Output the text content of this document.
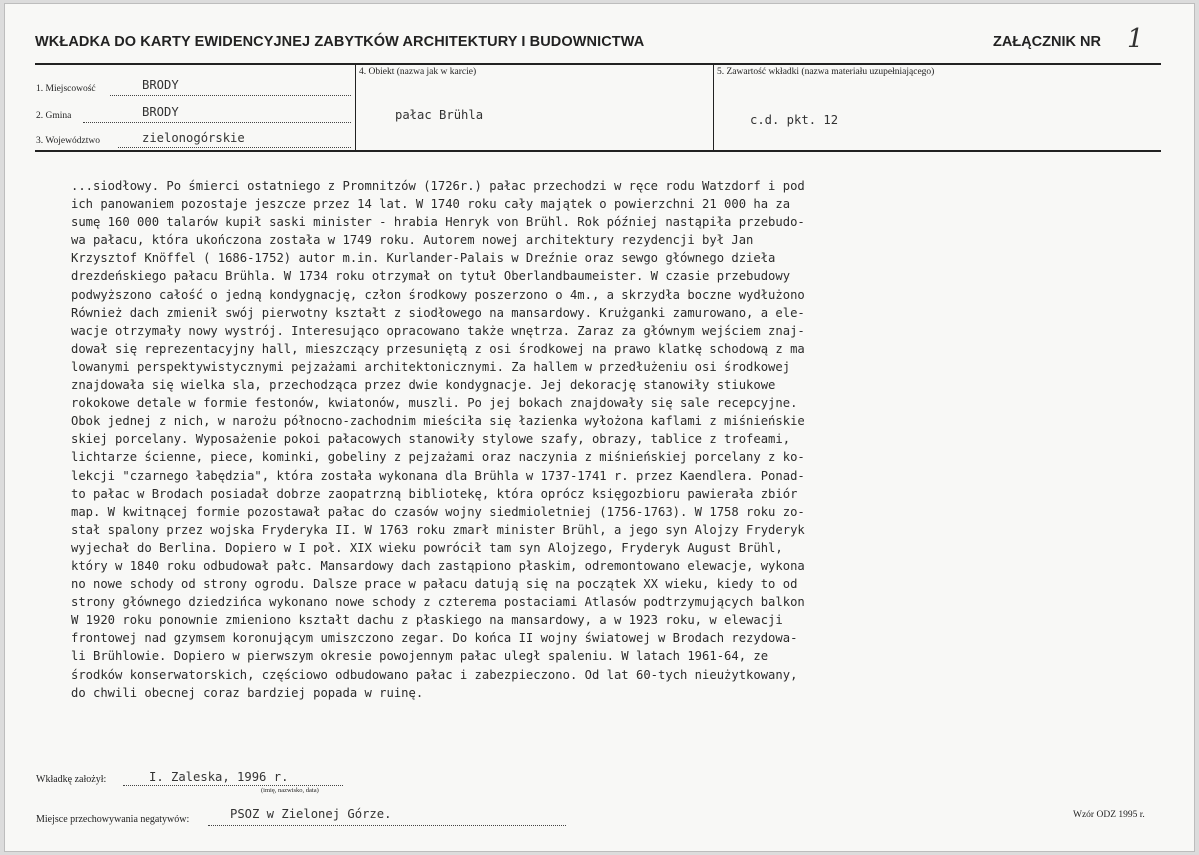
WKŁADKA DO KARTY EWIDENCYJNEJ ZABYTKÓW ARCHITEKTURY I BUDOWNICTWA	ZAŁĄCZNIK NR 1
1. Miejscowość	BRODY
2. Gmina	BRODY
3. Województwo	zielonogórskie
4. Obiekt (nazwa jak w karcie)
pałac Brühla
5. Zawartość wkładki (nazwa materiału uzupełniającego)
c.d. pkt. 12
...siodłowy. Po śmierci ostatniego z Promnitzów (1726r.) pałac przechodzi w ręce rodu Watzdorf i pod
ich panowaniem pozostaje jeszcze przez 14 lat. W 1740 roku cały majątek o powierzchni 21 000 ha za
sumę 160 000 talarów kupił saski minister - hrabia Henryk von Brühl. Rok później nastąpiła przebudo-
wa pałacu, która ukończona została w 1749 roku. Autorem nowej architektury rezydencji był Jan
Krzysztof Knöffel ( 1686-1752) autor m.in. Kurlander-Palais w Dreźnie oraz sewgo głównego dzieła
drezdeńskiego pałacu Brühla. W 1734 roku otrzymał on tytuł Oberlandbaumeister. W czasie przebudowy
podwyższono całość o jedną kondygnację, człon środkowy poszerzono o 4m., a skrzydła boczne wydłużono
Również dach zmienił swój pierwotny kształt z siodłowego na mansardowy. Krużganki zamurowano, a ele-
wacje otrzymały nowy wystrój. Interesująco opracowano także wnętrza. Zaraz za głównym wejściem znaj-
dował się reprezentacyjny hall, mieszczący przesuniętą z osi środkowej na prawo klatkę schodową z ma
lowanymi perspektywistycznymi pejzażami architektonicznymi. Za hallem w przedłużeniu osi środkowej
znajdowała się wielka sla, przechodząca przez dwie kondygnacje. Jej dekorację stanowiły stiukowe
rokokowe detale w formie festonów, kwiatonów, muszli. Po jej bokach znajdowały się sale recepcyjne.
Obok jednej z nich, w narożu północno-zachodnim mieściła się łazienka wyłożona kaflami z miśnieńskie
skiej porcelany. Wyposażenie pokoi pałacowych stanowiły stylowe szafy, obrazy, tablice z trofeami,
lichtarze ścienne, piece, kominki, gobeliny z pejzażami oraz naczynia z miśnieńskiej porcelany z ko-
lekcji "czarnego łabędzia", która została wykonana dla Brühla w 1737-1741 r. przez Kaendlera. Ponad-
to pałac w Brodach posiadał dobrze zaopatrzną bibliotekę, która oprócz księgozbioru pawierała zbiór
map. W kwitnącej formie pozostawał pałac do czasów wojny siedmioletniej (1756-1763). W 1758 roku zo-
stał spalony przez wojska Fryderyka II. W 1763 roku zmarł minister Brühl, a jego syn Alojzy Fryderyk
wyjechał do Berlina. Dopiero w I poł. XIX wieku powrócił tam syn Alojzego, Fryderyk August Brühl,
który w 1840 roku odbudował pałc. Mansardowy dach zastąpiono płaskim, odremontowano elewacje, wykona
no nowe schody od strony ogrodu. Dalsze prace w pałacu datują się na początek XX wieku, kiedy to od
strony głównego dziedzińca wykonano nowe schody z czterema postaciami Atlasów podtrzymujących balkon
W 1920 roku ponownie zmieniono kształt dachu z płaskiego na mansardowy, a w 1923 roku, w elewacji
frontowej nad gzymsem koronującym umiszczono zegar. Do końca II wojny światowej w Brodach rezydowa-
li Brühlowie. Dopiero w pierwszym okresie powojennym pałac uległ spaleniu. W latach 1961-64, ze
środków konserwatorskich, częściowo odbudowano pałac i zabezpieczono. Od lat 60-tych nieużytkowany,
do chwili obecnej coraz bardziej popada w ruinę.
Wkładkę założył:	I. Zaleska, 1996 r.
(imię, nazwisko, data)
Miejsce przechowywania negatywów:	PSOZ w Zielonej Górze.	Wzór ODZ 1995 r.
